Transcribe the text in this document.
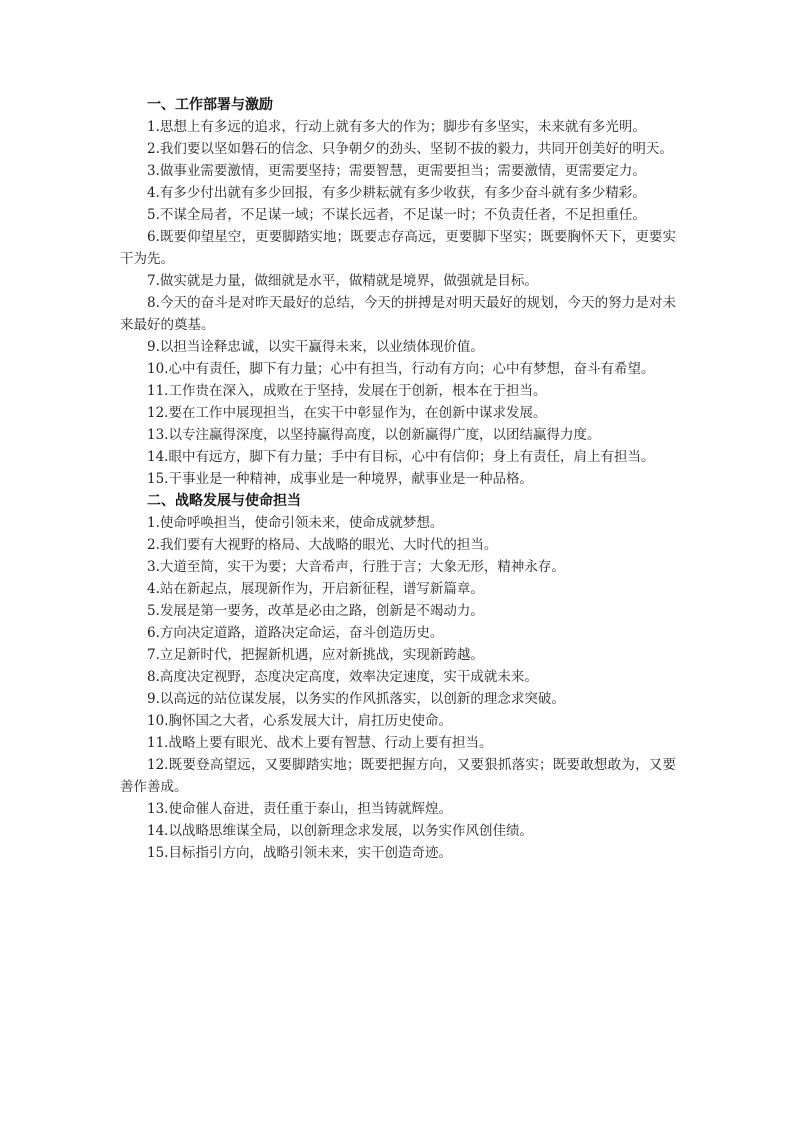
一、工作部署与激励

1.思想上有多远的追求，行动上就有多大的作为；脚步有多坚实，未来就有多光明。

2.我们要以坚如磐石的信念、只争朝夕的劲头、坚韧不拔的毅力，共同开创美好的明天。

3.做事业需要激情，更需要坚持；需要智慧，更需要担当；需要激情，更需要定力。

4.有多少付出就有多少回报，有多少耕耘就有多少收获，有多少奋斗就有多少精彩。

5.不谋全局者，不足谋一域；不谋长远者，不足谋一时；不负责任者，不足担重任。

6.既要仰望星空，更要脚踏实地；既要志存高远，更要脚下坚实；既要胸怀天下，更要实干为先。

7.做实就是力量，做细就是水平，做精就是境界，做强就是目标。

8.今天的奋斗是对昨天最好的总结，今天的拼搏是对明天最好的规划，今天的努力是对未来最好的奠基。

9.以担当诠释忠诚，以实干赢得未来，以业绩体现价值。

10.心中有责任，脚下有力量；心中有担当，行动有方向；心中有梦想，奋斗有希望。

11.工作贵在深入，成败在于坚持，发展在于创新，根本在于担当。

12.要在工作中展现担当，在实干中彰显作为，在创新中谋求发展。

13.以专注赢得深度，以坚持赢得高度，以创新赢得广度，以团结赢得力度。

14.眼中有远方，脚下有力量；手中有目标，心中有信仰；身上有责任，肩上有担当。

15.干事业是一种精神，成事业是一种境界，献事业是一种品格。

二、战略发展与使命担当

1.使命呼唤担当，使命引领未来，使命成就梦想。

2.我们要有大视野的格局、大战略的眼光、大时代的担当。

3.大道至简，实干为要；大音希声，行胜于言；大象无形，精神永存。

4.站在新起点，展现新作为，开启新征程，谱写新篇章。

5.发展是第一要务，改革是必由之路，创新是不竭动力。

6.方向决定道路，道路决定命运，奋斗创造历史。

7.立足新时代，把握新机遇，应对新挑战，实现新跨越。

8.高度决定视野，态度决定高度，效率决定速度，实干成就未来。

9.以高远的站位谋发展，以务实的作风抓落实，以创新的理念求突破。

10.胸怀国之大者，心系发展大计，肩扛历史使命。

11.战略上要有眼光、战术上要有智慧、行动上要有担当。

12.既要登高望远，又要脚踏实地；既要把握方向，又要狠抓落实；既要敢想敢为，又要善作善成。

13.使命催人奋进，责任重于泰山，担当铸就辉煌。

14.以战略思维谋全局，以创新理念求发展，以务实作风创佳绩。

15.目标指引方向，战略引领未来，实干创造奇迹。
